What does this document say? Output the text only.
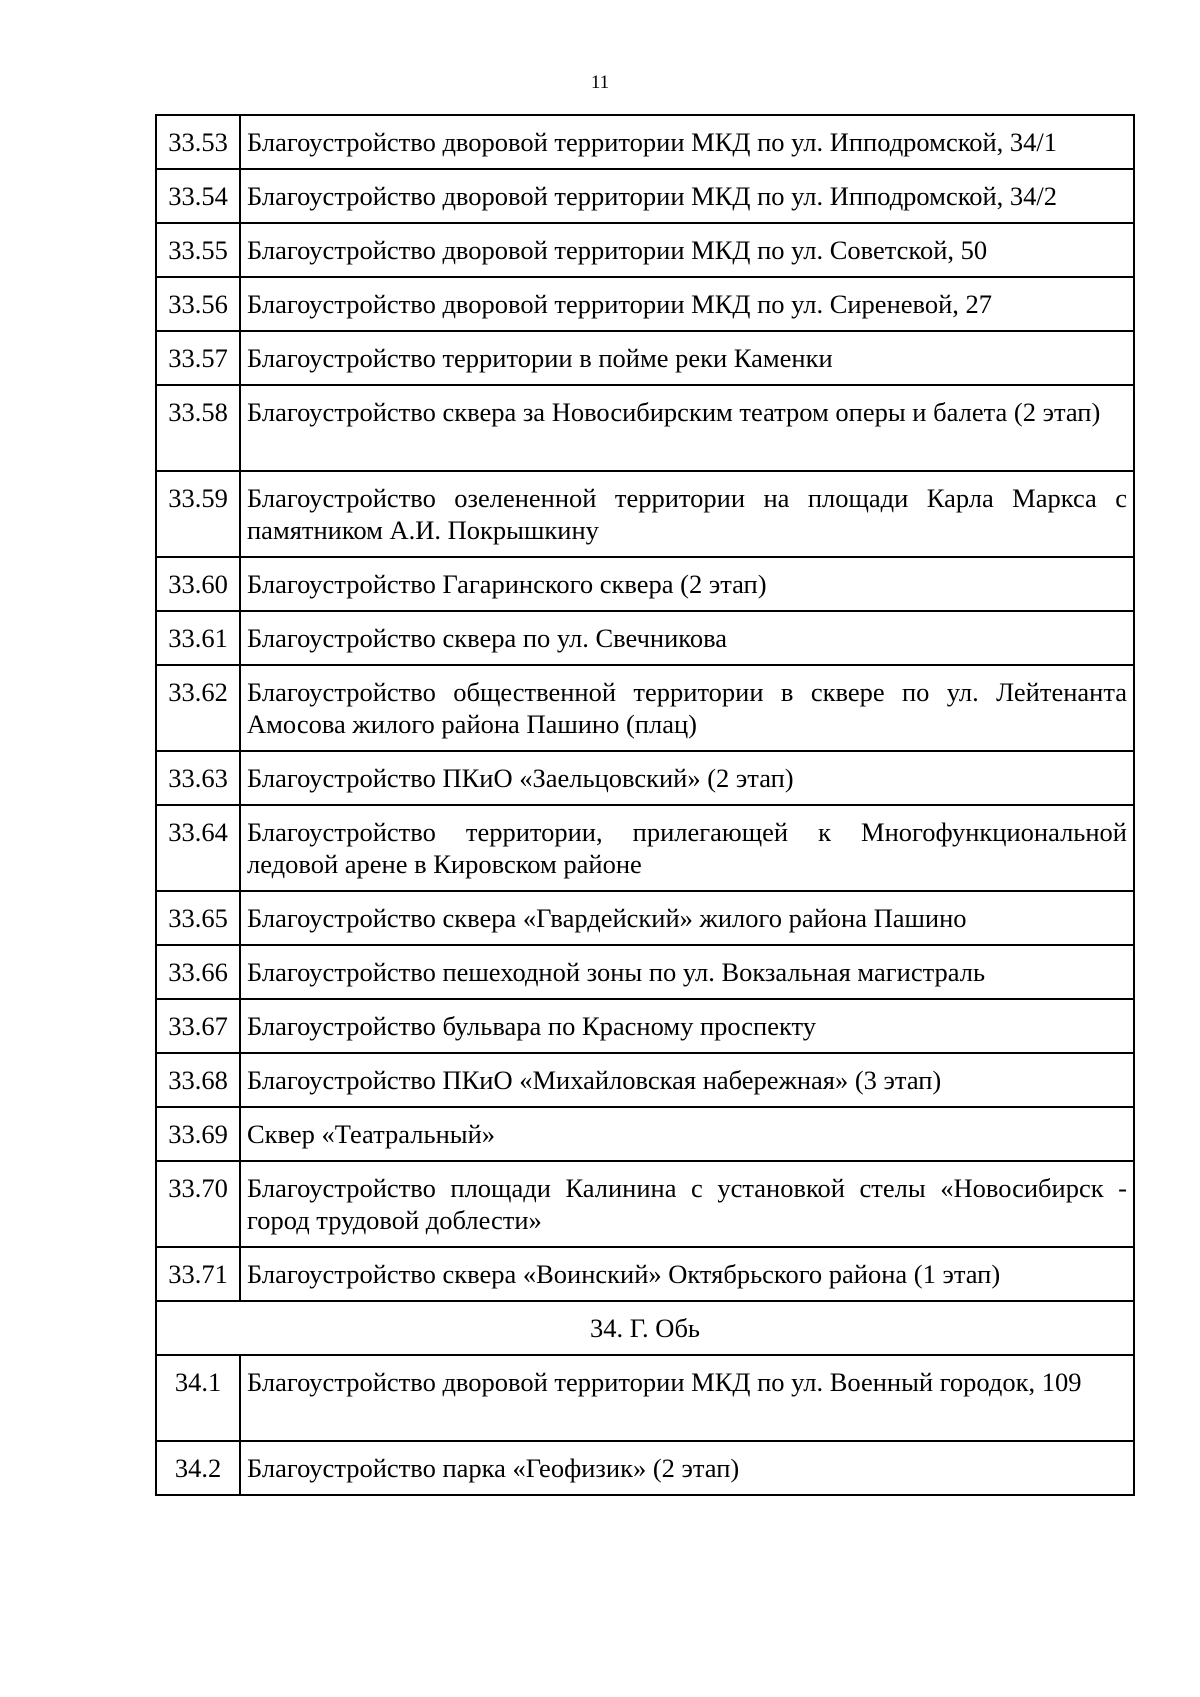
11
33.53	Благоустройство дворовой территории МКД по ул. Ипподромской, 34/1
33.54	Благоустройство дворовой территории МКД по ул. Ипподромской, 34/2
33.55	Благоустройство дворовой территории МКД по ул. Советской, 50
33.56	Благоустройство дворовой территории МКД по ул. Сиреневой, 27
33.57	Благоустройство территории в пойме реки Каменки
33.58	Благоустройство сквера за Новосибирским театром оперы и балета (2 этап)
33.59	Благоустройство озелененной территории на площади Карла Маркса с памятником А.И. Покрышкину
33.60	Благоустройство Гагаринского сквера (2 этап)
33.61	Благоустройство сквера по ул. Свечникова
33.62	Благоустройство общественной территории в сквере по ул. Лейтенанта Амосова жилого района Пашино (плац)
33.63	Благоустройство ПКиО «Заельцовский» (2 этап)
33.64	Благоустройство территории, прилегающей к Многофункциональной ледовой арене в Кировском районе
33.65	Благоустройство сквера «Гвардейский» жилого района Пашино
33.66	Благоустройство пешеходной зоны по ул. Вокзальная магистраль
33.67	Благоустройство бульвара по Красному проспекту
33.68	Благоустройство ПКиО «Михайловская набережная» (3 этап)
33.69	Сквер «Театральный»
33.70	Благоустройство площади Калинина с установкой стелы «Новосибирск - город трудовой доблести»
33.71	Благоустройство сквера «Воинский» Октябрьского района (1 этап)
34. Г. Обь	
34.1	Благоустройство дворовой территории МКД по ул. Военный городок, 109
34.2	Благоустройство парка «Геофизик» (2 этап)
